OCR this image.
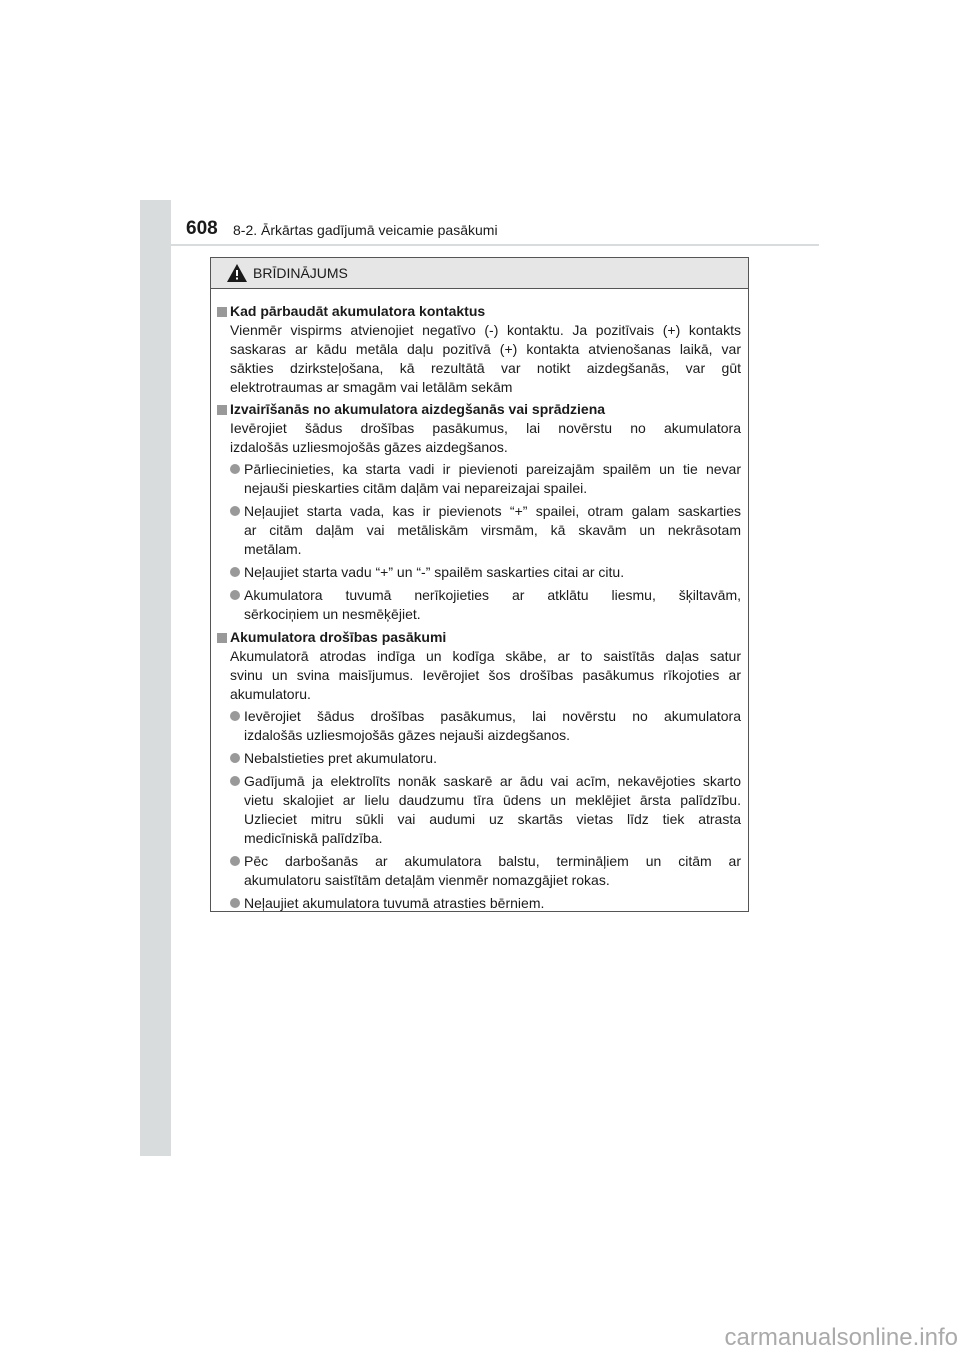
608 8-2. Ārkārtas gadījumā veicamie pasākumi
BRĪDINĀJUMS
Kad pārbaudāt akumulatora kontaktus
Vienmēr vispirms atvienojiet negatīvo (-) kontaktu. Ja pozitīvais (+) kontakts
saskaras ar kādu metāla daļu pozitīvā (+) kontakta atvienošanas laikā, var
sākties dzirksteļošana, kā rezultātā var notikt aizdegšanās, var gūt
elektrotraumas ar smagām vai letālām sekām
Izvairīšanās no akumulatora aizdegšanās vai sprādziena
Ievērojiet šādus drošības pasākumus, lai novērstu no akumulatora
izdalošās uzliesmojošās gāzes aizdegšanos.
Pārliecinieties, ka starta vadi ir pievienoti pareizajām spailēm un tie nevar
nejauši pieskarties citām daļām vai nepareizajai spailei.
Neļaujiet starta vada, kas ir pievienots “+” spailei, otram galam saskarties
ar citām daļām vai metāliskām virsmām, kā skavām un nekrāsotam
metālam.
Neļaujiet starta vadu “+” un “-” spailēm saskarties citai ar citu.
Akumulatora tuvumā nerīkojieties ar atklātu liesmu, šķiltavām,
sērkociņiem un nesmēķējiet.
Akumulatora drošības pasākumi
Akumulatorā atrodas indīga un kodīga skābe, ar to saistītās daļas satur
svinu un svina maisījumus. Ievērojiet šos drošības pasākumus rīkojoties ar
akumulatoru.
Ievērojiet šādus drošības pasākumus, lai novērstu no akumulatora
izdalošās uzliesmojošās gāzes nejauši aizdegšanos.
Nebalstieties pret akumulatoru.
Gadījumā ja elektrolīts nonāk saskarē ar ādu vai acīm, nekavējoties skarto
vietu skalojiet ar lielu daudzumu tīra ūdens un meklējiet ārsta palīdzību.
Uzlieciet mitru sūkli vai audumi uz skartās vietas līdz tiek atrasta
medicīniskā palīdzība.
Pēc darbošanās ar akumulatora balstu, termināļiem un citām ar
akumulatoru saistītām detaļām vienmēr nomazgājiet rokas.
Neļaujiet akumulatora tuvumā atrasties bērniem.
carmanualsonline.info
